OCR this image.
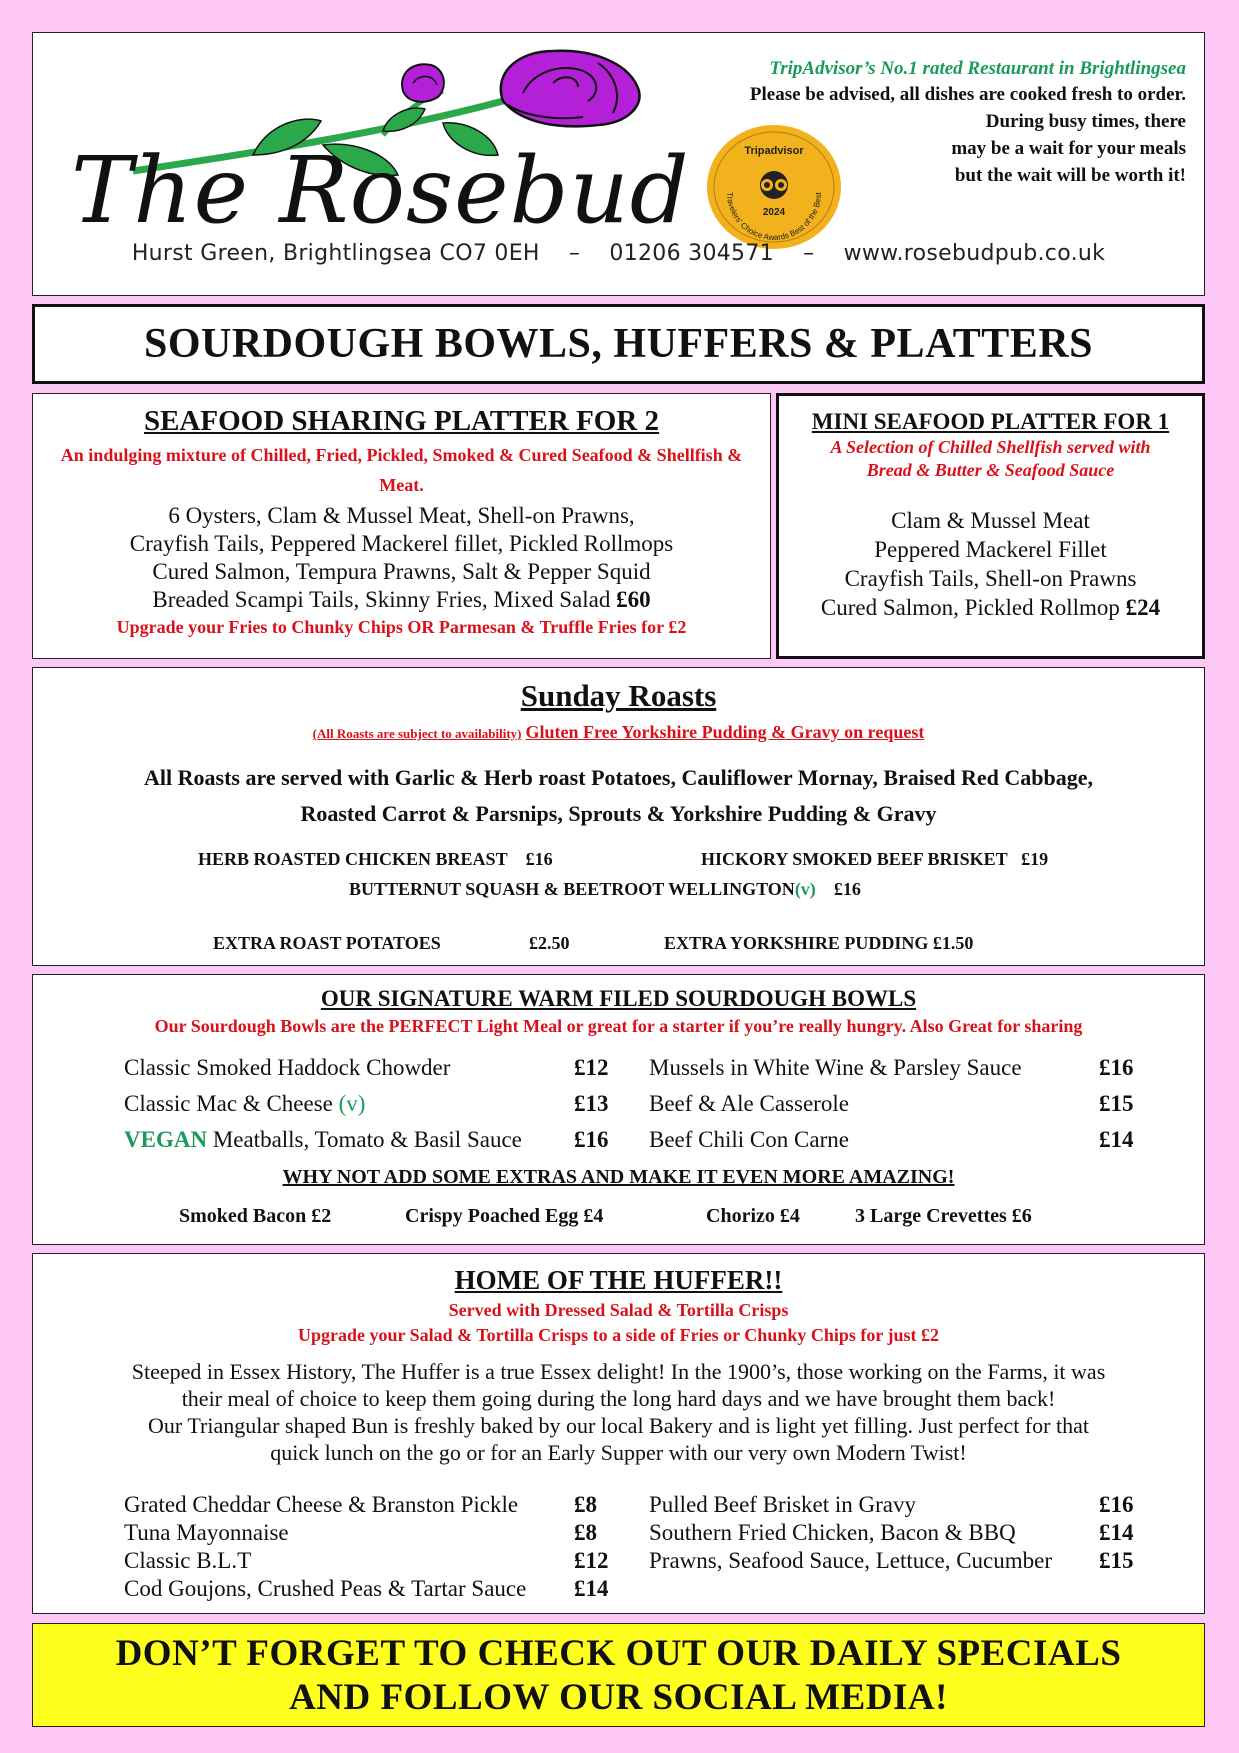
The Rosebud
TripAdvisor’s No.1 rated Restaurant in Brightlingsea
Please be advised, all dishes are cooked fresh to order.
During busy times, there
may be a wait for your meals
but the wait will be worth it!
Tripadvisor
Travelers' Choice Awards Best of the Best
2024
Hurst Green, Brightlingsea CO7 0EH    –    01206 304571    –    www.rosebudpub.co.uk
SOURDOUGH BOWLS, HUFFERS & PLATTERS
SEAFOOD SHARING PLATTER FOR 2
An indulging mixture of Chilled, Fried, Pickled, Smoked & Cured Seafood & Shellfish & Meat.
6 Oysters, Clam & Mussel Meat, Shell-on Prawns,
Crayfish Tails, Peppered Mackerel fillet, Pickled Rollmops
Cured Salmon, Tempura Prawns, Salt & Pepper Squid
Breaded Scampi Tails, Skinny Fries, Mixed Salad £60
Upgrade your Fries to Chunky Chips OR Parmesan & Truffle Fries for £2
MINI SEAFOOD PLATTER FOR 1
A Selection of Chilled Shellfish served with
Bread & Butter & Seafood Sauce
Clam & Mussel Meat
Peppered Mackerel Fillet
Crayfish Tails, Shell-on Prawns
Cured Salmon, Pickled Rollmop £24
Sunday Roasts
(All Roasts are subject to availability) Gluten Free Yorkshire Pudding & Gravy on request
All Roasts are served with Garlic & Herb roast Potatoes, Cauliflower Mornay, Braised Red Cabbage,
Roasted Carrot & Parsnips, Sprouts & Yorkshire Pudding & Gravy
HERB ROASTED CHICKEN BREAST £16	HICKORY SMOKED BEEF BRISKET £19
BUTTERNUT SQUASH & BEETROOT WELLINGTON(v) £16
EXTRA ROAST POTATOES	£2.50	EXTRA YORKSHIRE PUDDING £1.50
OUR SIGNATURE WARM FILED SOURDOUGH BOWLS
Our Sourdough Bowls are the PERFECT Light Meal or great for a starter if you’re really hungry. Also Great for sharing
Classic Smoked Haddock Chowder	£12
Classic Mac & Cheese (v)	£13
VEGAN Meatballs, Tomato & Basil Sauce £16
Mussels in White Wine & Parsley Sauce	£16
Beef & Ale Casserole	£15
Beef Chili Con Carne	£14
WHY NOT ADD SOME EXTRAS AND MAKE IT EVEN MORE AMAZING!
Smoked Bacon £2	Crispy Poached Egg £4	Chorizo £4	3 Large Crevettes £6
HOME OF THE HUFFER!!
Served with Dressed Salad & Tortilla Crisps
Upgrade your Salad & Tortilla Crisps to a side of Fries or Chunky Chips for just £2
Steeped in Essex History, The Huffer is a true Essex delight! In the 1900’s, those working on the Farms, it was
their meal of choice to keep them going during the long hard days and we have brought them back!
Our Triangular shaped Bun is freshly baked by our local Bakery and is light yet filling. Just perfect for that
quick lunch on the go or for an Early Supper with our very own Modern Twist!
Grated Cheddar Cheese & Branston Pickle £8
Tuna Mayonnaise	£8
Classic B.L.T	£12
Cod Goujons, Crushed Peas & Tartar Sauce £14
Pulled Beef Brisket in Gravy	£16
Southern Fried Chicken, Bacon & BBQ	£14
Prawns, Seafood Sauce, Lettuce, Cucumber £15
DON’T FORGET TO CHECK OUT OUR DAILY SPECIALS
AND FOLLOW OUR SOCIAL MEDIA!
